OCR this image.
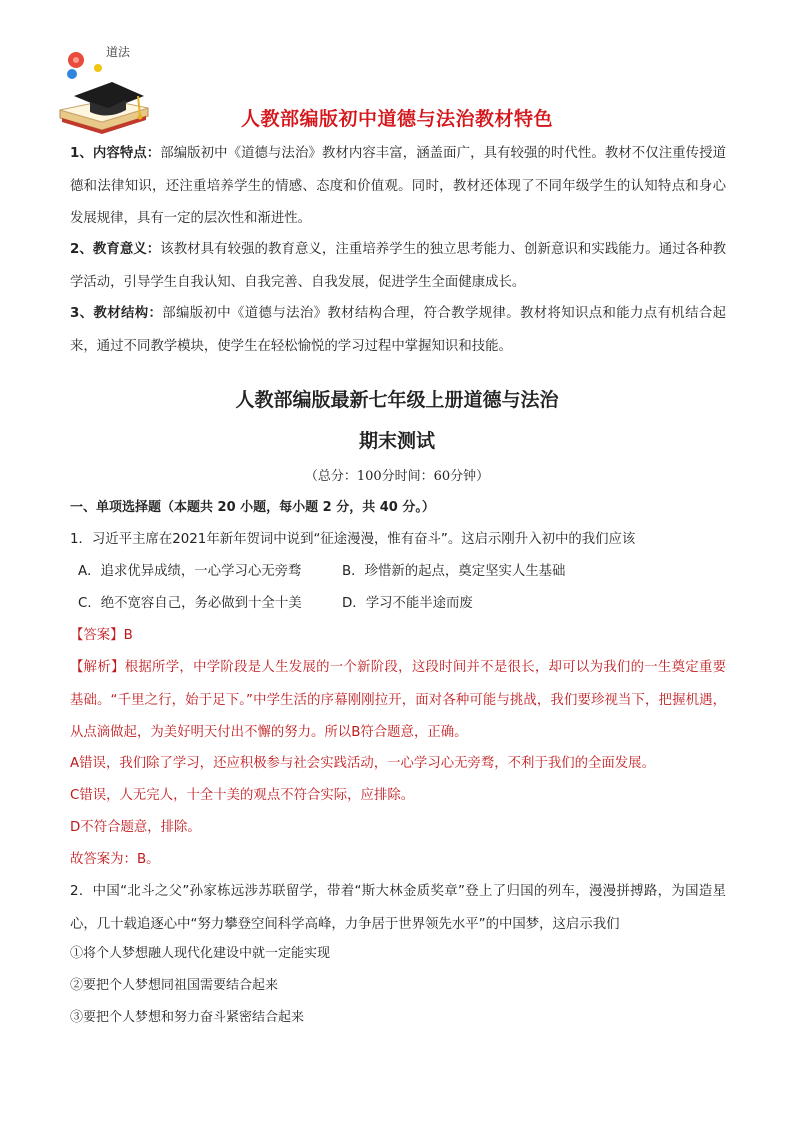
道法
人教部编版初中道德与法治教材特色
1、内容特点：部编版初中《道德与法治》教材内容丰富，涵盖面广，具有较强的时代性。教材不仅注重传授道德和法律知识，还注重培养学生的情感、态度和价值观。同时，教材还体现了不同年级学生的认知特点和身心发展规律，具有一定的层次性和渐进性。
2、教育意义：该教材具有较强的教育意义，注重培养学生的独立思考能力、创新意识和实践能力。通过各种教学活动，引导学生自我认知、自我完善、自我发展，促进学生全面健康成长。
3、教材结构：部编版初中《道德与法治》教材结构合理，符合教学规律。教材将知识点和能力点有机结合起来，通过不同教学模块，使学生在轻松愉悦的学习过程中掌握知识和技能。
人教部编版最新七年级上册道德与法治
期末测试
（总分：100分时间：60分钟）
一、单项选择题（本题共 20 小题，每小题 2 分，共 40 分。）
1．习近平主席在2021年新年贺词中说到“征途漫漫，惟有奋斗”。这启示刚升入初中的我们应该
A．追求优异成绩，一心学习心无旁骛	B．珍惜新的起点，奠定坚实人生基础
C．绝不宽容自己，务必做到十全十美	D．学习不能半途而废
【答案】B
【解析】根据所学，中学阶段是人生发展的一个新阶段，这段时间并不是很长，却可以为我们的一生奠定重要基础。“千里之行，始于足下。”中学生活的序幕刚刚拉开，面对各种可能与挑战，我们要珍视当下，把握机遇，从点滴做起，为美好明天付出不懈的努力。所以B符合题意，正确。
A错误，我们除了学习，还应积极参与社会实践活动，一心学习心无旁骛，不利于我们的全面发展。
C错误，人无完人，十全十美的观点不符合实际，应排除。
D不符合题意，排除。
故答案为：B。
2．中国“北斗之父”孙家栋远涉苏联留学，带着“斯大林金质奖章”登上了归国的列车，漫漫拼搏路，为国造星心，几十载追逐心中“努力攀登空间科学高峰，力争居于世界领先水平”的中国梦，这启示我们
①将个人梦想融人现代化建设中就一定能实现
②要把个人梦想同祖国需要结合起来
③要把个人梦想和努力奋斗紧密结合起来
